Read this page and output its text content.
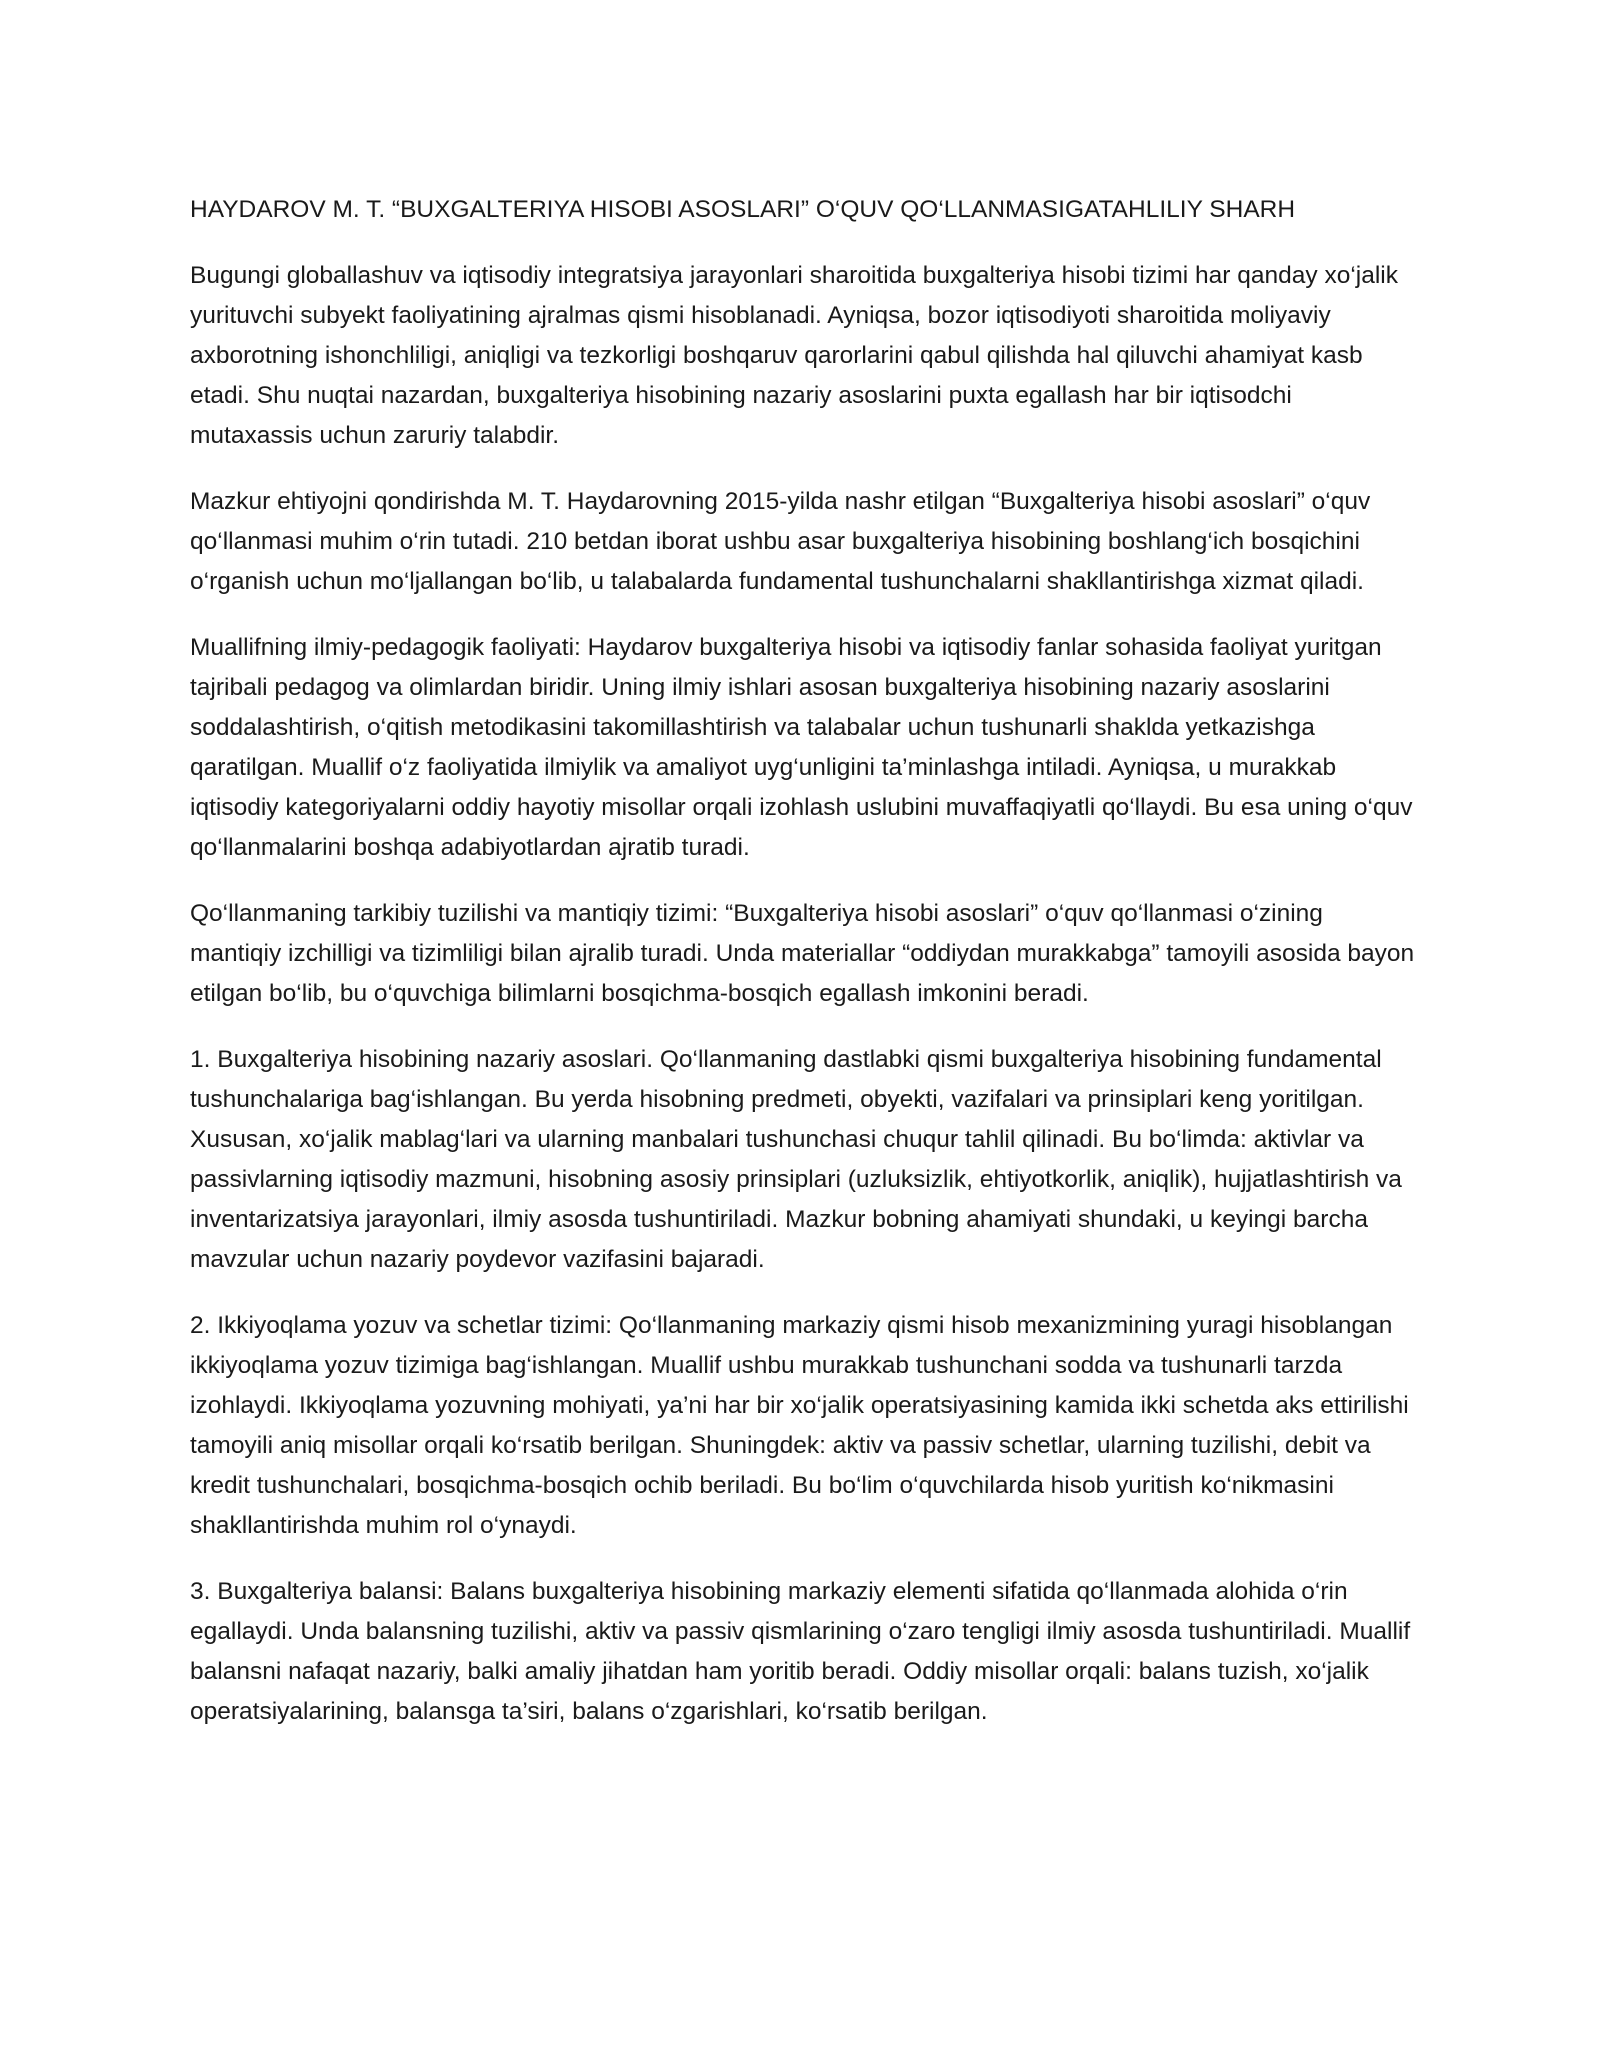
HAYDAROV M. T. “BUXGALTERIYA HISOBI ASOSLARI” O‘QUV QO‘LLANMASIGATAHLILIY SHARH

Bugungi globallashuv va iqtisodiy integratsiya jarayonlari sharoitida buxgalteriya hisobi tizimi har qanday xo‘jalik yurituvchi subyekt faoliyatining ajralmas qismi hisoblanadi. Ayniqsa, bozor iqtisodiyoti sharoitida moliyaviy axborotning ishonchliligi, aniqligi va tezkorligi boshqaruv qarorlarini qabul qilishda hal qiluvchi ahamiyat kasb etadi. Shu nuqtai nazardan, buxgalteriya hisobining nazariy asoslarini puxta egallash har bir iqtisodchi mutaxassis uchun zaruriy talabdir.

Mazkur ehtiyojni qondirishda M. T. Haydarovning 2015-yilda nashr etilgan “Buxgalteriya hisobi asoslari” o‘quv qo‘llanmasi muhim o‘rin tutadi. 210 betdan iborat ushbu asar buxgalteriya hisobining boshlang‘ich bosqichini o‘rganish uchun mo‘ljallangan bo‘lib, u talabalarda fundamental tushunchalarni shakllantirishga xizmat qiladi.

Muallifning ilmiy-pedagogik faoliyati: Haydarov buxgalteriya hisobi va iqtisodiy fanlar sohasida faoliyat yuritgan tajribali pedagog va olimlardan biridir. Uning ilmiy ishlari asosan buxgalteriya hisobining nazariy asoslarini soddalashtirish, o‘qitish metodikasini takomillashtirish va talabalar uchun tushunarli shaklda yetkazishga qaratilgan. Muallif o‘z faoliyatida ilmiylik va amaliyot uyg‘unligini ta’minlashga intiladi. Ayniqsa, u murakkab iqtisodiy kategoriyalarni oddiy hayotiy misollar orqali izohlash uslubini muvaffaqiyatli qo‘llaydi. Bu esa uning o‘quv qo‘llanmalarini boshqa adabiyotlardan ajratib turadi.

Qo‘llanmaning tarkibiy tuzilishi va mantiqiy tizimi: “Buxgalteriya hisobi asoslari” o‘quv qo‘llanmasi o‘zining mantiqiy izchilligi va tizimliligi bilan ajralib turadi. Unda materiallar “oddiydan murakkabga” tamoyili asosida bayon etilgan bo‘lib, bu o‘quvchiga bilimlarni bosqichma-bosqich egallash imkonini beradi.

1. Buxgalteriya hisobining nazariy asoslari. Qo‘llanmaning dastlabki qismi buxgalteriya hisobining fundamental tushunchalariga bag‘ishlangan. Bu yerda hisobning predmeti, obyekti, vazifalari va prinsiplari keng yoritilgan. Xususan, xo‘jalik mablag‘lari va ularning manbalari tushunchasi chuqur tahlil qilinadi. Bu bo‘limda: aktivlar va passivlarning iqtisodiy mazmuni, hisobning asosiy prinsiplari (uzluksizlik, ehtiyotkorlik, aniqlik), hujjatlashtirish va inventarizatsiya jarayonlari, ilmiy asosda tushuntiriladi. Mazkur bobning ahamiyati shundaki, u keyingi barcha mavzular uchun nazariy poydevor vazifasini bajaradi.

2. Ikkiyoqlama yozuv va schetlar tizimi: Qo‘llanmaning markaziy qismi hisob mexanizmining yuragi hisoblangan ikkiyoqlama yozuv tizimiga bag‘ishlangan. Muallif ushbu murakkab tushunchani sodda va tushunarli tarzda izohlaydi. Ikkiyoqlama yozuvning mohiyati, ya’ni har bir xo‘jalik operatsiyasining kamida ikki schetda aks ettirilishi tamoyili aniq misollar orqali ko‘rsatib berilgan. Shuningdek: aktiv va passiv schetlar, ularning tuzilishi, debit va kredit tushunchalari, bosqichma-bosqich ochib beriladi. Bu bo‘lim o‘quvchilarda hisob yuritish ko‘nikmasini shakllantirishda muhim rol o‘ynaydi.

3. Buxgalteriya balansi: Balans buxgalteriya hisobining markaziy elementi sifatida qo‘llanmada alohida o‘rin egallaydi. Unda balansning tuzilishi, aktiv va passiv qismlarining o‘zaro tengligi ilmiy asosda tushuntiriladi. Muallif balansni nafaqat nazariy, balki amaliy jihatdan ham yoritib beradi. Oddiy misollar orqali: balans tuzish, xo‘jalik operatsiyalarining, balansga ta’siri, balans o‘zgarishlari, ko‘rsatib berilgan.
